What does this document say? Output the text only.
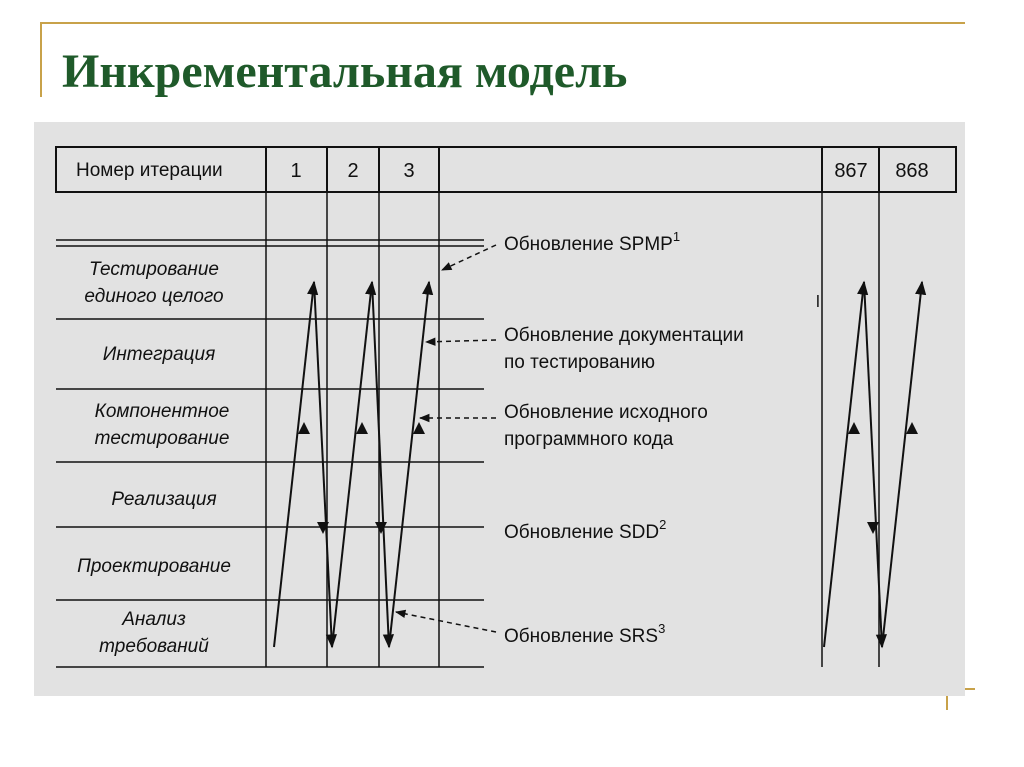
Инкрементальная модель
Номер итерации	1 2 3	867 868
Тестирование единого целого
Интеграция
Компонентное тестирование
Реализация
Проектирование
Анализ требований
Обновление SPMP$^1$
Обновление документации по тестированию
Обновление исходного программного кода
Обновление SDD$^2$
Обновление SRS$^3$
l
